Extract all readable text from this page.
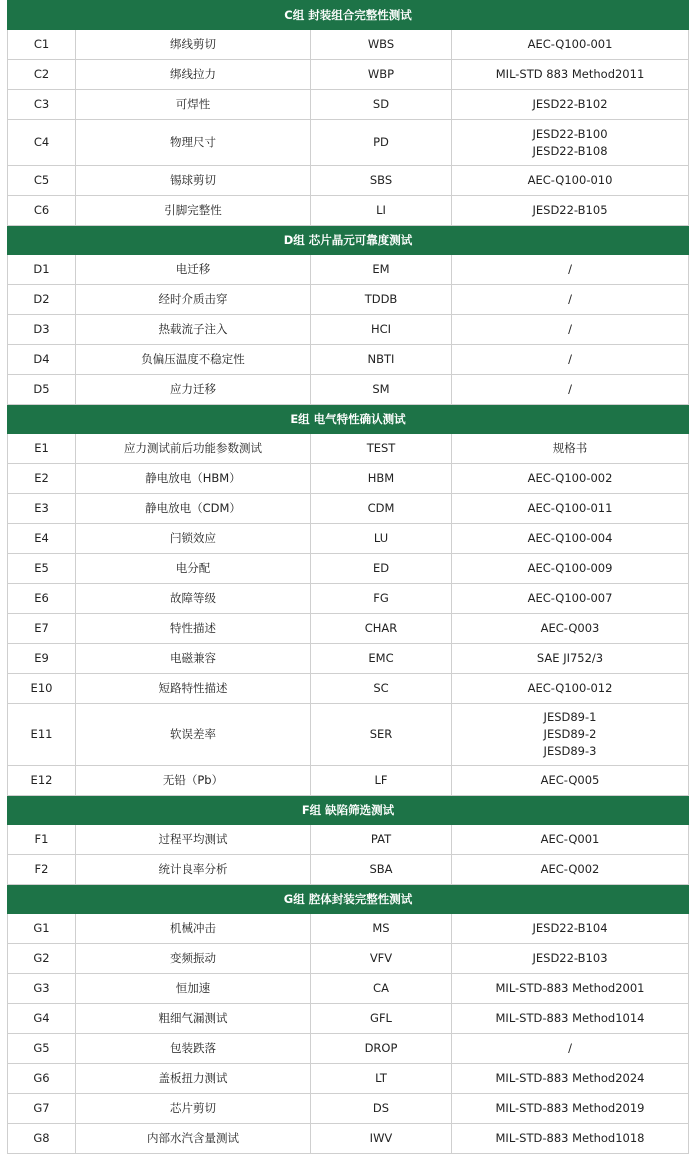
C组 封装组合完整性测试			
C1	绑线剪切	WBS	AEC-Q100-001

C2	绑线拉力	WBP	MIL-STD 883 Method2011

C3	可焊性	SD	JESD22-B102

C4	物理尺寸	PD	JESD22-B100
JESD22-B108

C5	锡球剪切	SBS	AEC-Q100-010

C6	引脚完整性	LI	JESD22-B105

D组 芯片晶元可靠度测试			
D1	电迁移	EM	/

D2	经时介质击穿	TDDB	/

D3	热载流子注入	HCI	/

D4	负偏压温度不稳定性	NBTI	/

D5	应力迁移	SM	/

E组 电气特性确认测试			
E1	应力测试前后功能参数测试	TEST	规格书

E2	静电放电（HBM）	HBM	AEC-Q100-002

E3	静电放电（CDM）	CDM	AEC-Q100-011

E4	闩锁效应	LU	AEC-Q100-004

E5	电分配	ED	AEC-Q100-009

E6	故障等级	FG	AEC-Q100-007

E7	特性描述	CHAR	AEC-Q003

E9	电磁兼容	EMC	SAE JI752/3

E10	短路特性描述	SC	AEC-Q100-012

E11	软误差率	SER	JESD89-1
JESD89-2
JESD89-3

E12	无铅（Pb）	LF	AEC-Q005

F组 缺陷筛选测试			
F1	过程平均测试	PAT	AEC-Q001

F2	统计良率分析	SBA	AEC-Q002

G组 腔体封装完整性测试			
G1	机械冲击	MS	JESD22-B104

G2	变频振动	VFV	JESD22-B103

G3	恒加速	CA	MIL-STD-883 Method2001

G4	粗细气漏测试	GFL	MIL-STD-883 Method1014

G5	包装跌落	DROP	/

G6	盖板扭力测试	LT	MIL-STD-883 Method2024

G7	芯片剪切	DS	MIL-STD-883 Method2019

G8	内部水汽含量测试	IWV	MIL-STD-883 Method1018
